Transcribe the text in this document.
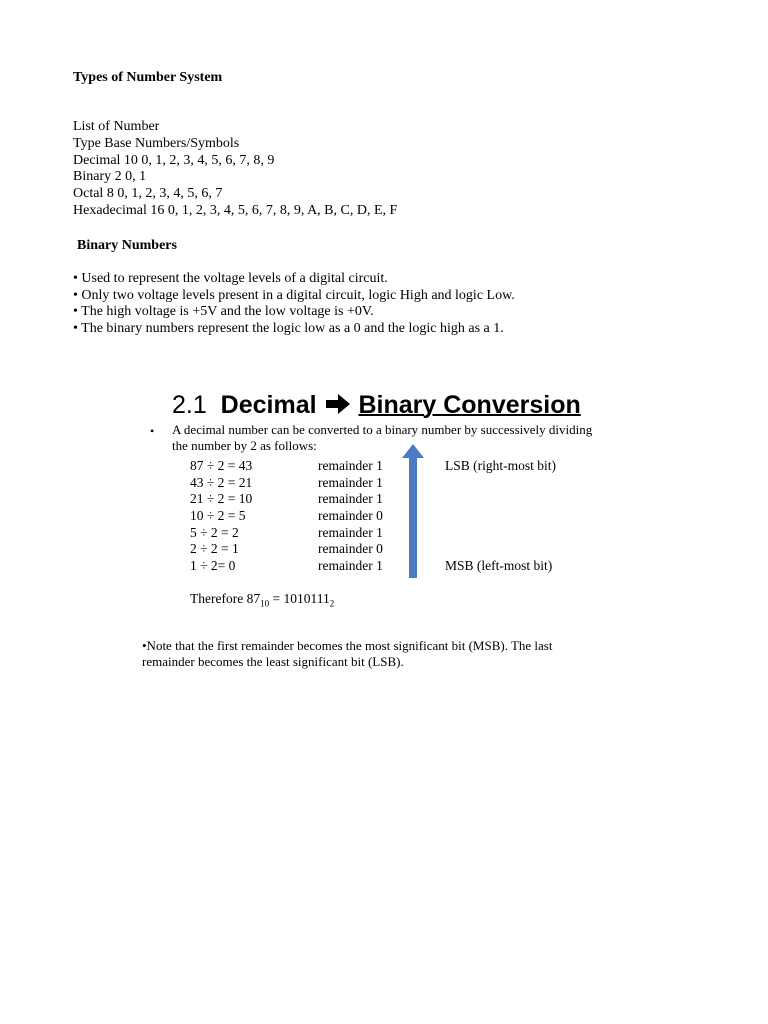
Types of Number System
List of Number
Type Base Numbers/Symbols
Decimal 10 0, 1, 2, 3, 4, 5, 6, 7, 8, 9
Binary 2 0, 1
Octal 8 0, 1, 2, 3, 4, 5, 6, 7
Hexadecimal 16 0, 1, 2, 3, 4, 5, 6, 7, 8, 9, A, B, C, D, E, F
Binary Numbers
• Used to represent the voltage levels of a digital circuit.
• Only two voltage levels present in a digital circuit, logic High and logic Low.
• The high voltage is +5V and the low voltage is +0V.
• The binary numbers represent the logic low as a 0 and the logic high as a 1.
2.1 Decimal Binary Conversion
• A decimal number can be converted to a binary number by successively dividing
the number by 2 as follows:
87 ÷ 2 = 43	remainder 1	LSB (right-most bit)
43 ÷ 2 = 21	remainder 1
21 ÷ 2 = 10	remainder 1
10 ÷ 2 = 5	remainder 0
5 ÷ 2 = 2	remainder 1
2 ÷ 2 = 1	remainder 0
1 ÷ 2= 0	remainder 1	MSB (left-most bit)
Therefore $87_{10} = 1010111_2$
•Note that the first remainder becomes the most significant bit (MSB). The last
remainder becomes the least significant bit (LSB).
